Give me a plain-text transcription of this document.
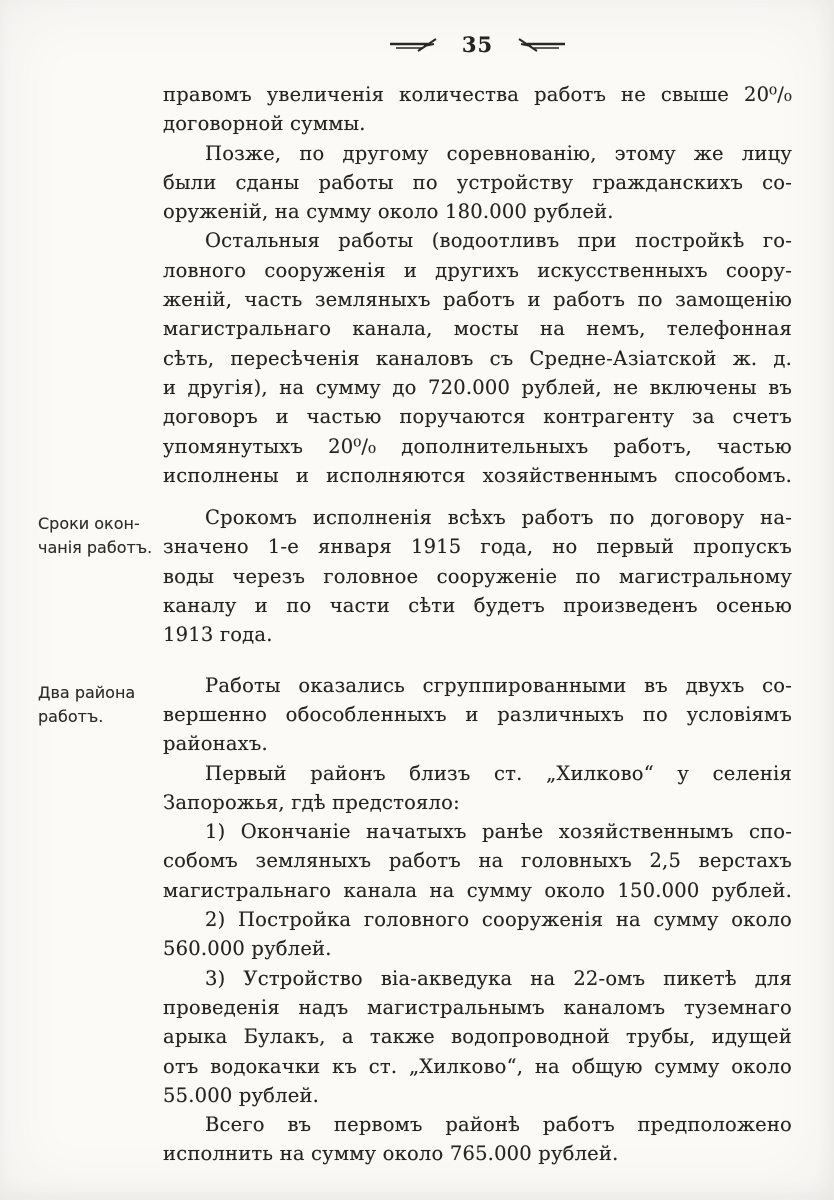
35
Сроки окон-
чанія работъ.
Два района
работъ.
правомъ увеличенія количества работъ не свыше 20⁰/₀
договорной суммы.
Позже, по другому соревнованію, этому же лицу
были сданы работы по устройству гражданскихъ со-
оруженій, на сумму около 180.000 рублей.
Остальныя работы (водоотливъ при постройкѣ го-
ловного сооруженія и другихъ искусственныхъ соору-
женій, часть земляныхъ работъ и работъ по замощенію
магистральнаго канала, мосты на немъ, телефонная
сѣть, пересѣченія каналовъ съ Средне-Азіатской ж. д.
и другія), на сумму до 720.000 рублей, не включены въ
договоръ и частью поручаются контрагенту за счетъ
упомянутыхъ 20⁰/₀ дополнительныхъ работъ, частью
исполнены и исполняются хозяйственнымъ способомъ.
Срокомъ исполненія всѣхъ работъ по договору на-
значено 1-е января 1915 года, но первый пропускъ
воды черезъ головное сооруженіе по магистральному
каналу и по части сѣти будетъ произведенъ осенью
1913 года.
Работы оказались сгруппированными въ двухъ со-
вершенно обособленныхъ и различныхъ по условіямъ
районахъ.
Первый районъ близъ ст. „Хилково“ у селенія
Запорожья, гдѣ предстояло:
1) Окончаніе начатыхъ ранѣе хозяйственнымъ спо-
собомъ земляныхъ работъ на головныхъ 2,5 верстахъ
магистральнаго канала на сумму около 150.000 рублей.
2) Постройка головного сооруженія на сумму около
560.000 рублей.
3) Устройство віа-акведука на 22-омъ пикетѣ для
проведенія надъ магистральнымъ каналомъ туземнаго
арыка Булакъ, а также водопроводной трубы, идущей
отъ водокачки къ ст. „Хилково“, на общую сумму около
55.000 рублей.
Всего въ первомъ районѣ работъ предположено
исполнить на сумму около 765.000 рублей.
